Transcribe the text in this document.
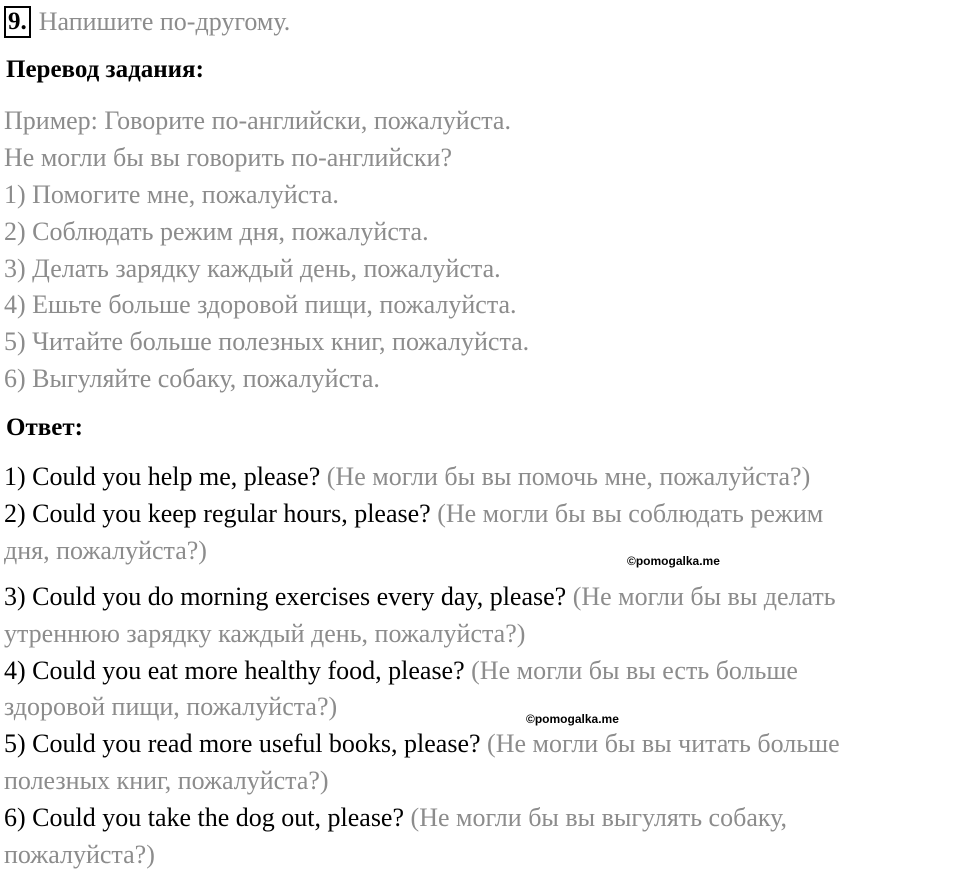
9. Напишите по-другому.
Перевод задания:
Пример: Говорите по-английски, пожалуйста.
Не могли бы вы говорить по-английски?
1) Помогите мне, пожалуйста.
2) Соблюдать режим дня, пожалуйста.
3) Делать зарядку каждый день, пожалуйста.
4) Ешьте больше здоровой пищи, пожалуйста.
5) Читайте больше полезных книг, пожалуйста.
6) Выгуляйте собаку, пожалуйста.
Ответ:
1) Could you help me, please? (Не могли бы вы помочь мне, пожалуйста?)
2) Could you keep regular hours, please? (Не могли бы вы соблюдать режим
дня, пожалуйста?)	©pomogalka.me
3) Could you do morning exercises every day, please? (Не могли бы вы делать
утреннюю зарядку каждый день, пожалуйста?)
4) Could you eat more healthy food, please? (Не могли бы вы есть больше
здоровой пищи, пожалуйста?)	©pomogalka.me
5) Could you read more useful books, please? (Не могли бы вы читать больше
полезных книг, пожалуйста?)
6) Could you take the dog out, please? (Не могли бы вы выгулять собаку,
пожалуйста?)
